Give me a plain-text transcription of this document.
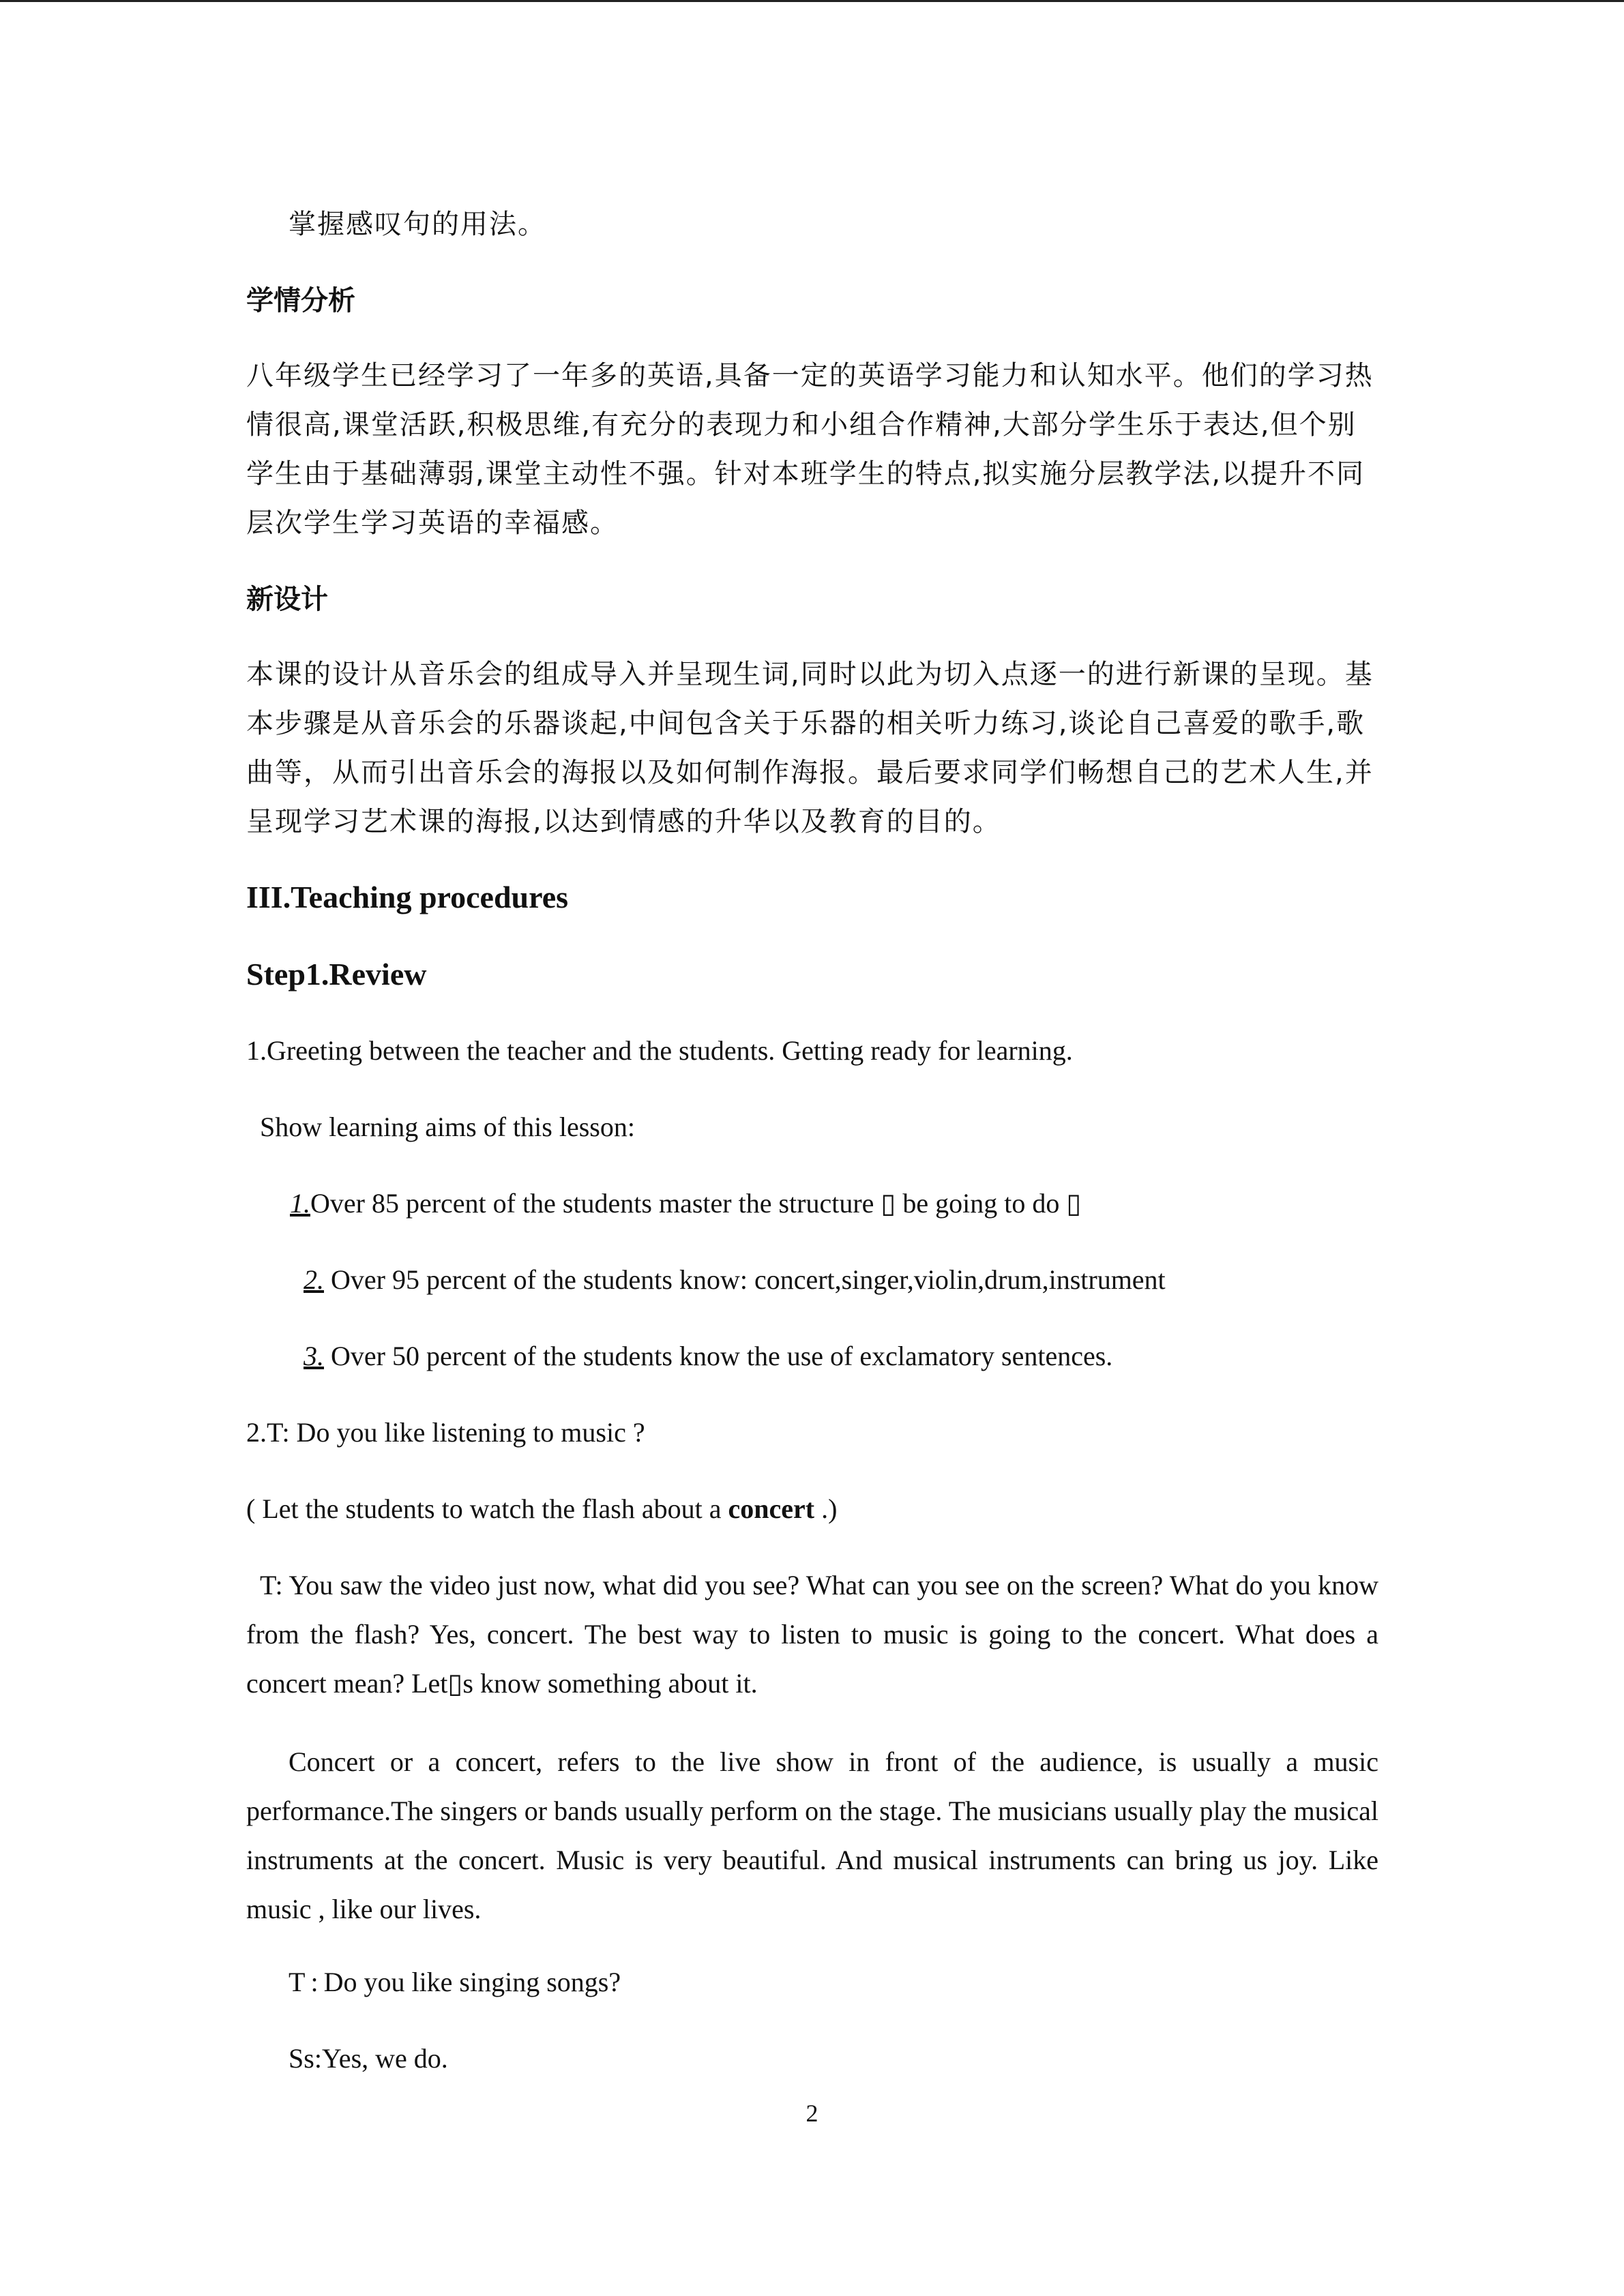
掌握感叹句的用法。

学情分析

八年级学生已经学习了一年多的英语,具备一定的英语学习能力和认知水平。他们的学习热情很高,课堂活跃,积极思维,有充分的表现力和小组合作精神,大部分学生乐于表达,但个别学生由于基础薄弱,课堂主动性不强。针对本班学生的特点,拟实施分层教学法,以提升不同层次学生学习英语的幸福感。

新设计

本课的设计从音乐会的组成导入并呈现生词,同时以此为切入点逐一的进行新课的呈现。基本步骤是从音乐会的乐器谈起,中间包含关于乐器的相关听力练习,谈论自己喜爱的歌手,歌曲等，从而引出音乐会的海报以及如何制作海报。最后要求同学们畅想自己的艺术人生,并呈现学习艺术课的海报,以达到情感的升华以及教育的目的。

III.Teaching procedures
Step1.Review

1.Greeting between the teacher and the students. Getting ready for learning.

Show learning aims of this lesson:

1.Over 85 percent of the students master the structure ▯ be going to do ▯

2. Over 95 percent of the students know: concert,singer,violin,drum,instrument

3. Over 50 percent of the students know the use of exclamatory sentences.

2.T: Do you like listening to music ?

( Let the students to watch the flash about a concert .)

T: You saw the video just now, what did you see? What can you see on the screen? What do you know from the flash? Yes, concert. The best way to listen to music is going to the concert. What does a concert mean? Let▯s know something about it.

Concert or a concert, refers to the live show in front of the audience, is usually a music performance.The singers or bands usually perform on the stage. The musicians usually play the musical instruments at the concert. Music is very beautiful. And musical instruments can bring us joy. Like music , like our lives.

T : Do you like singing songs?

Ss:Yes, we do.

2
